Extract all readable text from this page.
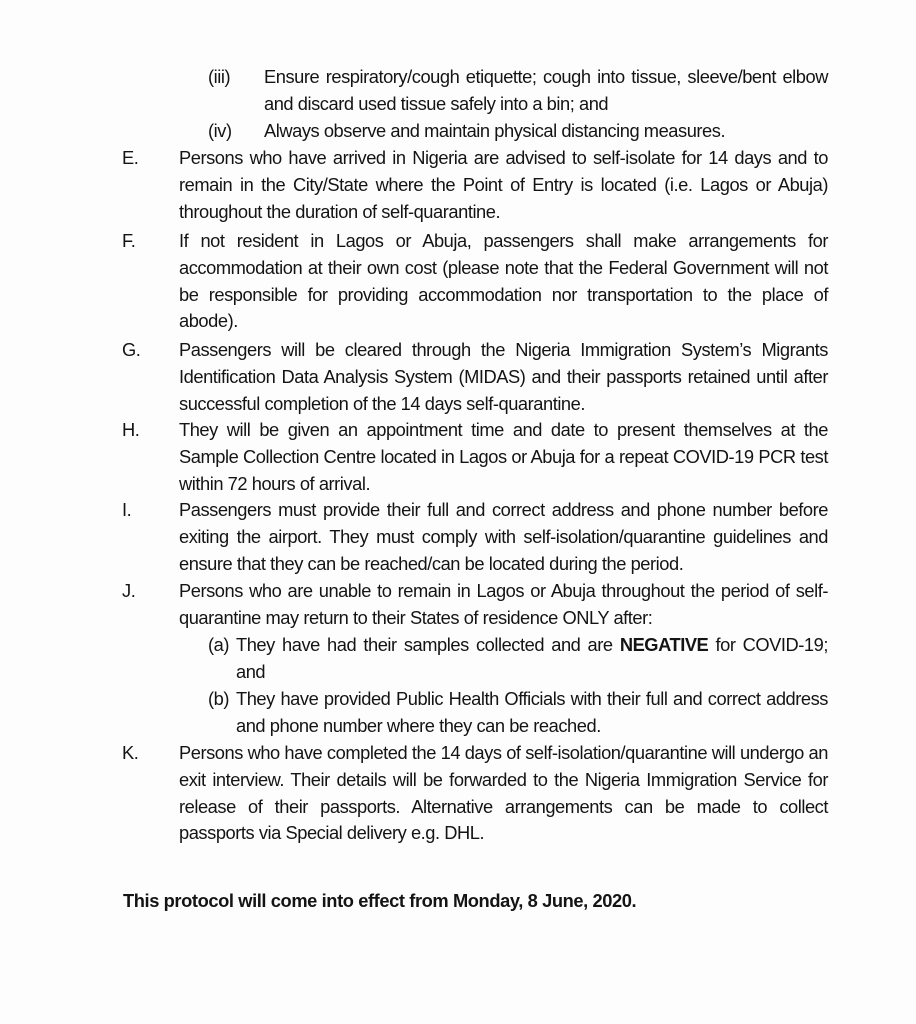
(iii) Ensure respiratory/cough etiquette; cough into tissue, sleeve/bent elbow and discard used tissue safely into a bin; and
(iv) Always observe and maintain physical distancing measures.
E. Persons who have arrived in Nigeria are advised to self-isolate for 14 days and to remain in the City/State where the Point of Entry is located (i.e. Lagos or Abuja) throughout the duration of self-quarantine.
F. If not resident in Lagos or Abuja, passengers shall make arrangements for accommodation at their own cost (please note that the Federal Government will not be responsible for providing accommodation nor transportation to the place of abode).
G. Passengers will be cleared through the Nigeria Immigration System’s Migrants Identification Data Analysis System (MIDAS) and their passports retained until after successful completion of the 14 days self-quarantine.
H. They will be given an appointment time and date to present themselves at the Sample Collection Centre located in Lagos or Abuja for a repeat COVID-19 PCR test within 72 hours of arrival.
I.	Passengers must provide their full and correct address and phone number before exiting the airport. They must comply with self-isolation/quarantine guidelines and ensure that they can be reached/can be located during the period.
J. Persons who are unable to remain in Lagos or Abuja throughout the period of self-quarantine may return to their States of residence ONLY after:
(a) They have had their samples collected and are NEGATIVE for COVID-19; and
(b) They have provided Public Health Officials with their full and correct address and phone number where they can be reached.
K. Persons who have completed the 14 days of self-isolation/quarantine will undergo an exit interview. Their details will be forwarded to the Nigeria Immigration Service for release of their passports. Alternative arrangements can be made to collect passports via Special delivery e.g. DHL.
This protocol will come into effect from Monday, 8 June, 2020.
